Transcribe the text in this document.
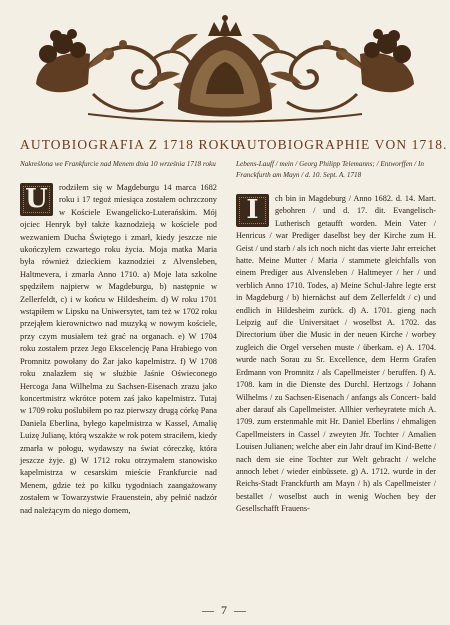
AUTOBIOGRAFIA Z 1718 ROKU

Nakreślona we Frankfurcie nad Menem dnia 10 września 1718 roku

U	rodziłem się w Magdeburgu 14 marca 1682 roku i 17 tegoż miesiąca zostałem ochrzczony w Kościele Ewangelicko-Luterańskim. Mój ojciec Henryk był także kaznodzieją w kościele pod wezwaniem Ducha Świętego i zmarł, kiedy jeszcze nie ukończyłem czwartego roku życia. Moja matka Maria była również dzieckiem kaznodziei z Alvensleben, Haltmevera, i zmarła Anno 1710. a) Moje lata szkolne spędziłem najpierw w Magdeburgu, b) następnie w Zellerfeldt, c) i w końcu w Hildesheim. d) W roku 1701 wstąpiłem w Lipsku na Uniwersytet, tam też w 1702 roku przejąłem kierownictwo nad muzyką w nowym kościele, przy czym musiałem też grać na organach. e) W 1704 roku zostałem przez Jego Ekscelencję Pana Hrabiego von Promnitz powołany do Żar jako kapelmistrz. f) W 1708 roku znalazłem się w służbie Jaśnie Oświeconego Hercoga Jana Wilhelma zu Sachsen-Eisenach zrazu jako koncertmistrz wkrótce potem zaś jako kapelmistrz. Tutaj w 1709 roku poślubiłem po raz pierwszy drugą córkę Pana Daniela Eberlina, byłego kapelmistrza w Kassel, Amalię Luizę Julianę, którą wszakże w rok potem straciłem, kiedy zmarła w połogu, wydawszy na świat córeczkę, która jeszcze żyje. g) W 1712 roku otrzymałem stanowisko kapelmistrza w cesarskim mieście Frankfurcie nad Menem, gdzie też po kilku tygodniach zaangażowany zostałem w Towarzystwie Frauenstein, aby pełnić nadzór nad należącym do niego domem,
AUTOBIOGRAPHIE VON 1718.

Lebens-Lauff / mein / Georg Philipp Telemanns; / Entworffen / In Franckfurth am Mayn / d. 10. Sept. A. 1718

I	ch bin in Magdeburg / Anno 1682. d. 14. Mart. gebohren / und d. 17. dit. Evangelisch-Lutherisch getaufft worden. Mein Vater / Henricus / war Prediger daselbst bey der Kirche zum H. Geist / und starb / als ich noch nicht das vierte Jahr erreichet hatte. Meine Mutter / Maria / stammete gleichfalls von einem Prediger aus Alvensleben / Haltmeyer / her / und verblich Anno 1710. Todes, a) Meine Schul-Jahre legte erst in Magdeburg / b) hiernächst auf dem Zellerfeldt / c) und endlich in Hildesheim zurück. d) A. 1701. gieng nach Leipzig auf die Universitaet / woselbst A. 1702. das Directorium über die Music in der neuen Kirche / worbey zugleich die Orgel versehen muste / überkam. e) A. 1704. wurde nach Sorau zu Sr. Excellence, dem Herrn Grafen Erdmann von Promnitz / als Capellmeister / beruffen. f) A. 1708. kam in die Dienste des Durchl. Hertzogs / Johann Wilhelms / zu Sachsen-Eisenach / anfangs als Concert- bald aber darauf als Capellmeister. Allhier verheyratete mich A. 1709. zum erstenmahle mit Hr. Daniel Eberlins / ehmaligen Capellmeisters in Cassel / zweyten Jfr. Tochter / Amalien Louisen Julianen; welche aber ein Jahr drauf im Kind-Bette / nach dem sie eine Tochter zur Welt gebracht / welche annoch lebet / wieder einbüssete. g) A. 1712. wurde in der Reichs-Stadt Franckfurth am Mayn / h) als Capellmeister / bestallet / woselbst auch in wenig Wochen bey der Gesellschafft Frauens-
— 7 —
